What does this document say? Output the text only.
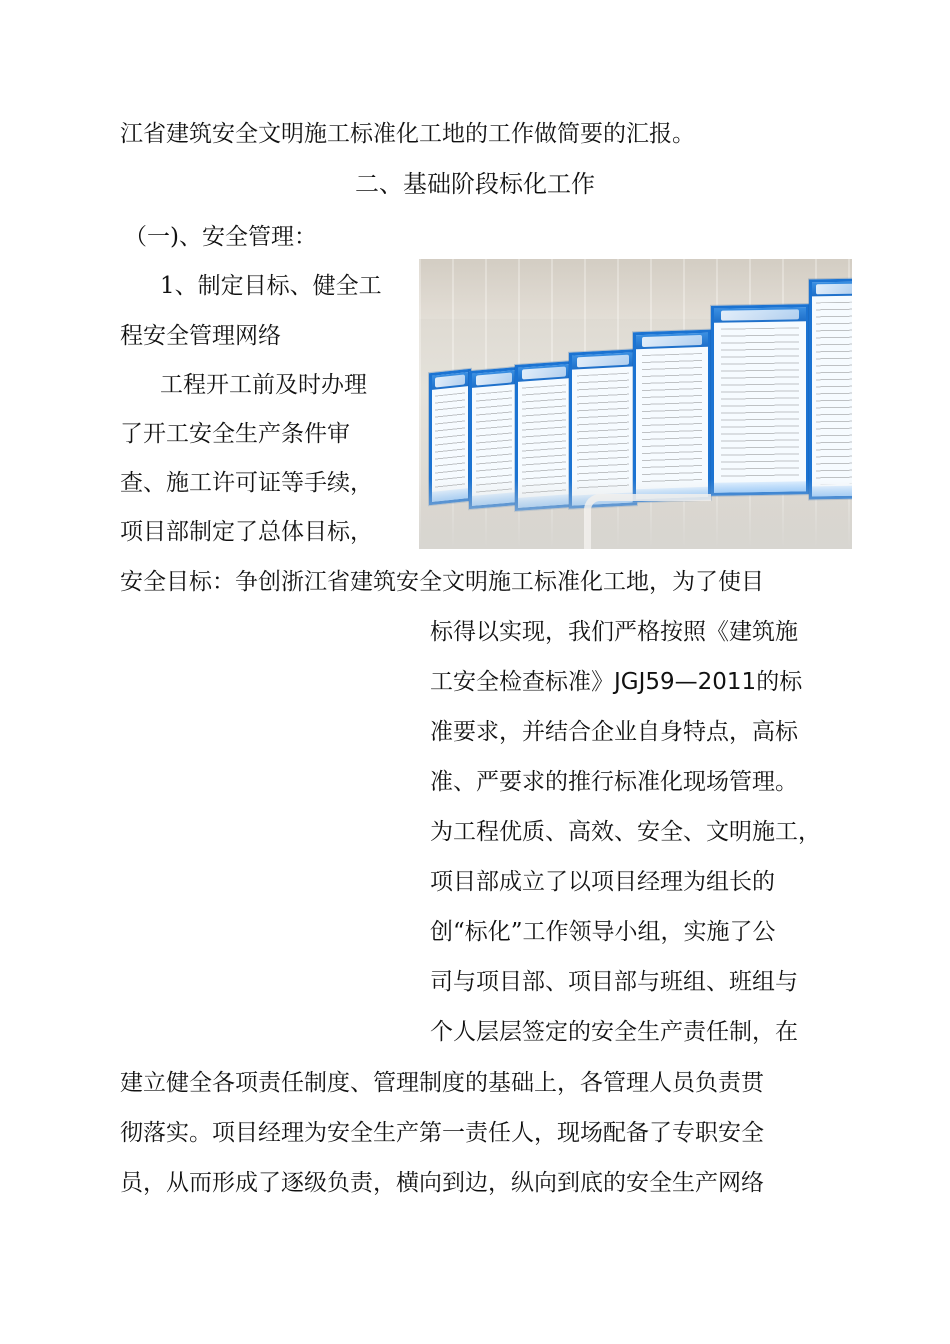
江省建筑安全文明施工标准化工地的工作做简要的汇报。
二、基础阶段标化工作
（一)、安全管理：
1、制定目标、健全工
程安全管理网络
工程开工前及时办理
了开工安全生产条件审
查、施工许可证等手续，
项目部制定了总体目标，
安全目标：争创浙江省建筑安全文明施工标准化工地，为了使目
标得以实现，我们严格按照《建筑施
工安全检查标准》JGJ59—2011的标
准要求，并结合企业自身特点，高标
准、严要求的推行标准化现场管理。
为工程优质、高效、安全、文明施工，
项目部成立了以项目经理为组长的
创“标化”工作领导小组，实施了公
司与项目部、项目部与班组、班组与
个人层层签定的安全生产责任制，在
建立健全各项责任制度、管理制度的基础上，各管理人员负责贯
彻落实。项目经理为安全生产第一责任人，现场配备了专职安全
员，从而形成了逐级负责，横向到边，纵向到底的安全生产网络
